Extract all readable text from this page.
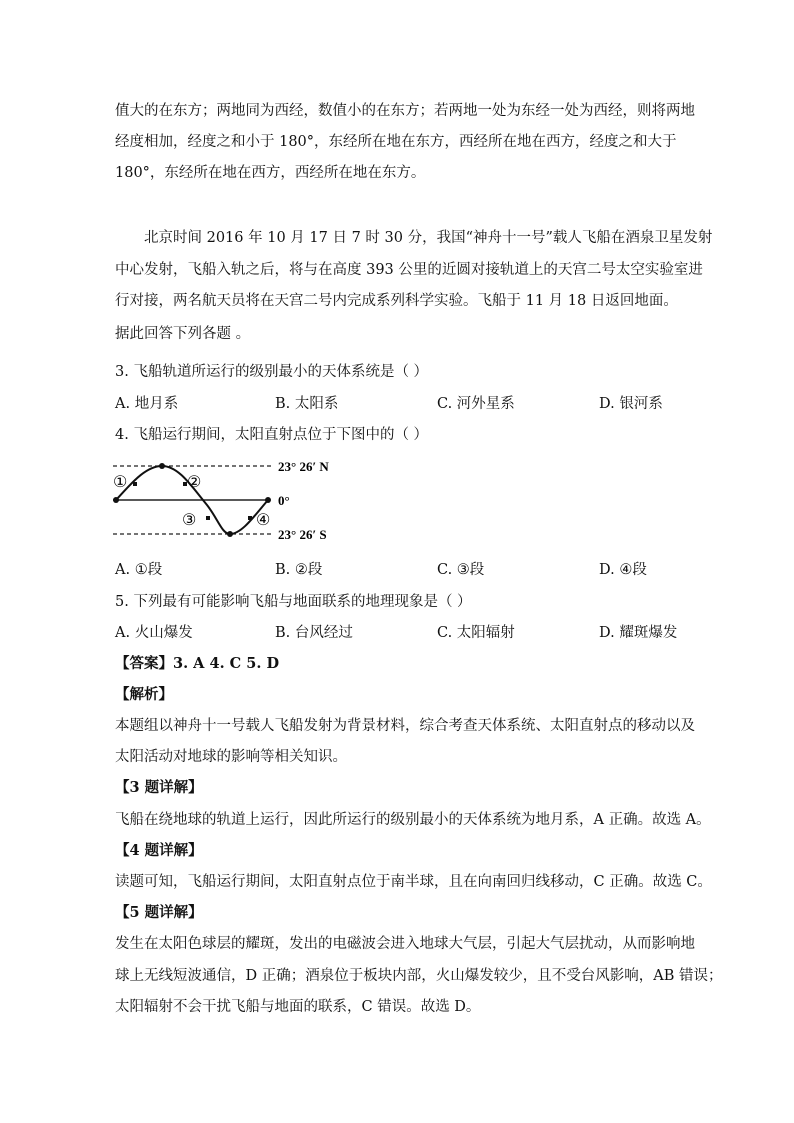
值大的在东方；两地同为西经，数值小的在东方；若两地一处为东经一处为西经，则将两地
经度相加，经度之和小于 180°，东经所在地在东方，西经所在地在西方，经度之和大于
180°，东经所在地在西方，西经所在地在东方。
北京时间 2016 年 10 月 17 日 7 时 30 分，我国“神舟十一号”载人飞船在酒泉卫星发射
中心发射，飞船入轨之后，将与在高度 393 公里的近圆对接轨道上的天宫二号太空实验室进
行对接，两名航天员将在天宫二号内完成系列科学实验。飞船于 11 月 18 日返回地面。
据此回答下列各题 。
3. 飞船轨道所运行的级别最小的天体系统是（ ）
A. 地月系	B. 太阳系	C. 河外星系	D. 银河系
4. 飞船运行期间，太阳直射点位于下图中的（ ）
①	②
③	④
23° 26′ N
0°
23° 26′ S
A. ①段	B. ②段	C. ③段	D. ④段
5. 下列最有可能影响飞船与地面联系的地理现象是（ ）
A. 火山爆发	B. 台风经过	C. 太阳辐射	D. 耀斑爆发
【答案】3. A 4. C 5. D
【解析】
本题组以神舟十一号载人飞船发射为背景材料，综合考查天体系统、太阳直射点的移动以及
太阳活动对地球的影响等相关知识。
【3 题详解】
飞船在绕地球的轨道上运行，因此所运行的级别最小的天体系统为地月系，A 正确。故选 A。
【4 题详解】
读题可知，飞船运行期间，太阳直射点位于南半球，且在向南回归线移动，C 正确。故选 C。
【5 题详解】
发生在太阳色球层的耀斑，发出的电磁波会进入地球大气层，引起大气层扰动，从而影响地
球上无线短波通信，D 正确；酒泉位于板块内部，火山爆发较少，且不受台风影响，AB 错误；
太阳辐射不会干扰飞船与地面的联系，C 错误。故选 D。
